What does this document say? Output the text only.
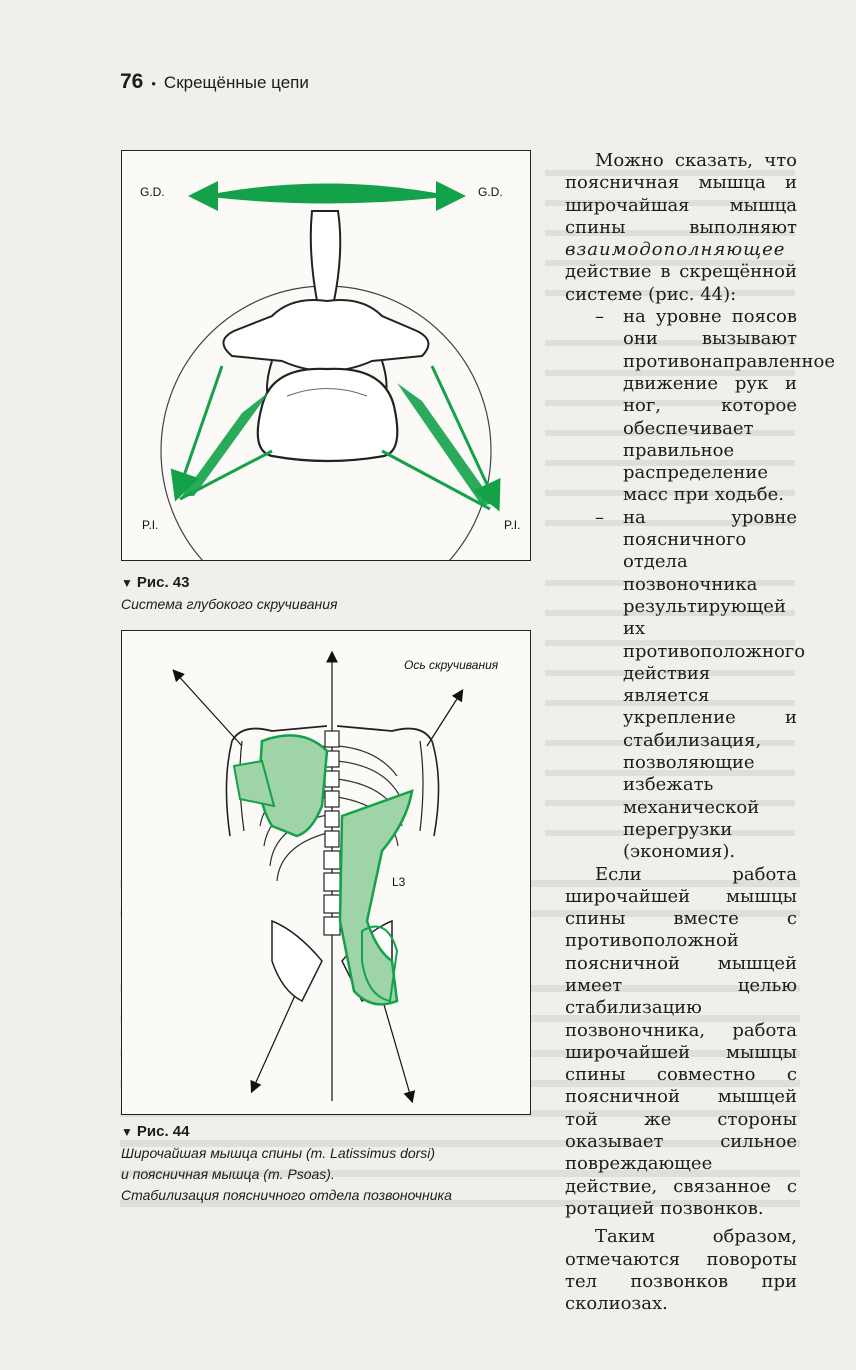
76 • Скрещённые цепи
G.D.	G.D.
P.I.	P.I.
▼ Рис. 43
Система глубокого скручивания
Ось скручивания
L3
▼ Рис. 44
Широчайшая мышца спины (m. Latissimus dorsi)
и поясничная мышца (m. Psoas).
Стабилизация поясничного отдела позвоночника

Можно сказать, что поясничная мышца и широчайшая мышца спины выполняют взаимодополняющее действие в скрещённой системе (рис. 44):

– на уровне поясов они вызывают противонаправленное движение рук и ног, которое обеспечивает правильное распределение масс при ходьбе.

– на уровне поясничного отдела позвоночника результирующей их противоположного действия является укрепление и стабилизация, позволяющие избежать механической перегрузки (экономия).

Если работа широчайшей мышцы спины вместе с противоположной поясничной мышцей имеет целью стабилизацию позвоночника, работа широчайшей мышцы спины совместно с поясничной мышцей той же стороны оказывает сильное повреждающее действие, связанное с ротацией позвонков.

Таким образом, отмечаются повороты тел позвонков при сколиозах.
